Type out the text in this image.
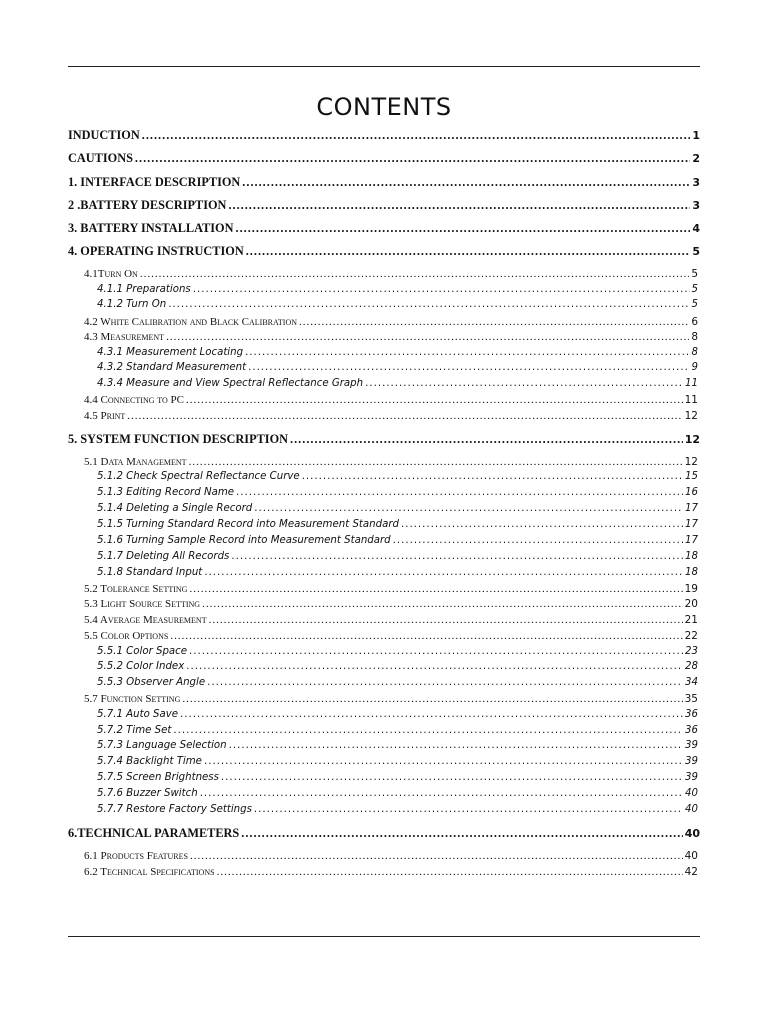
CONTENTS
INDUCTION .....	1
CAUTIONS .....	2
1. INTERFACE DESCRIPTION .....	3
2 .BATTERY DESCRIPTION .....	3
3. BATTERY INSTALLATION .....	4
4. OPERATING INSTRUCTION .....	5
4.1Turn On .....	5
4.1.1 Preparations .....	5
4.1.2 Turn On .....	5
4.2 White Calibration and Black Calibration .....	6
4.3 Measurement .....	8
4.3.1 Measurement Locating .....	8
4.3.2 Standard Measurement .....	9
4.3.4 Measure and View Spectral Reflectance Graph .....	11
4.4 Connecting to PC .....	11
4.5 Print .....	12
5. SYSTEM FUNCTION DESCRIPTION .....	12
5.1 Data Management .....	12
5.1.2 Check Spectral Reflectance Curve .....	15
5.1.3 Editing Record Name .....	16
5.1.4 Deleting a Single Record .....	17
5.1.5 Turning Standard Record into Measurement Standard .....	17
5.1.6 Turning Sample Record into Measurement Standard .....	17
5.1.7 Deleting All Records .....	18
5.1.8 Standard Input .....	18
5.2 Tolerance Setting .....	19
5.3 Light Source Setting .....	20
5.4 Average Measurement .....	21
5.5 Color Options .....	22
5.5.1 Color Space .....	23
5.5.2 Color Index .....	28
5.5.3 Observer Angle .....	34
5.7 Function Setting .....	35
5.7.1 Auto Save .....	36
5.7.2 Time Set .....	36
5.7.3 Language Selection .....	39
5.7.4 Backlight Time .....	39
5.7.5 Screen Brightness .....	39
5.7.6 Buzzer Switch .....	40
5.7.7 Restore Factory Settings .....	40
6.TECHNICAL PARAMETERS .....	40
6.1 Products Features .....	40
6.2 Technical Specifications .....	42
